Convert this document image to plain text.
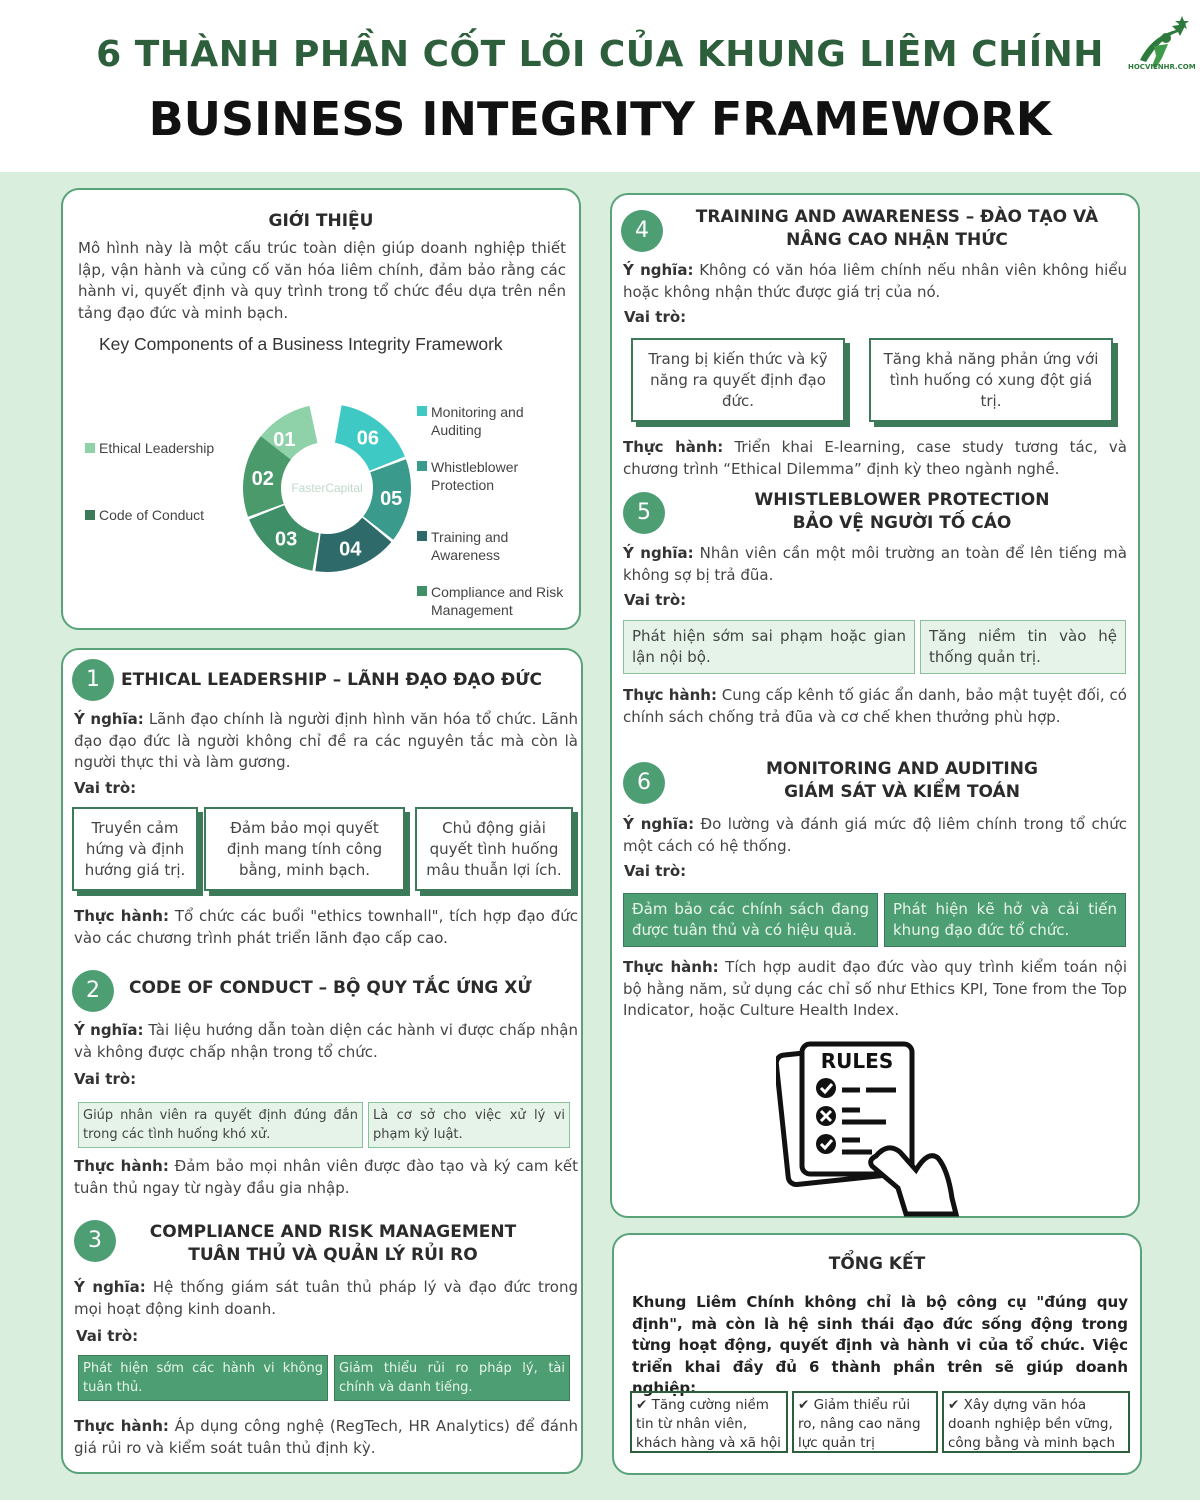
6 THÀNH PHẦN CỐT LÕI CỦA KHUNG LIÊM CHÍNH
BUSINESS INTEGRITY FRAMEWORK
HOCVIENHR.COM
GIỚI THIỆU
Mô hình này là một cấu trúc toàn diện giúp doanh nghiệp thiết lập, vận hành và củng cố văn hóa liêm chính, đảm bảo rằng các hành vi, quyết định và quy trình trong tổ chức đều dựa trên nền tảng đạo đức và minh bạch.
Key Components of a Business Integrity Framework
01
02
03 04
05
06
FasterCapital
Ethical Leadership
Code of Conduct
Monitoring and Auditing
Whistleblower Protection
Training and Awareness
Compliance and Risk Management
1	ETHICAL LEADERSHIP – LÃNH ĐẠO ĐẠO ĐỨC
Ý nghĩa: Lãnh đạo chính là người định hình văn hóa tổ chức. Lãnh đạo đạo đức là người không chỉ đề ra các nguyên tắc mà còn là người thực thi và làm gương.
Vai trò:
Truyền cảm hứng và định hướng giá trị.
Đảm bảo mọi quyết định mang tính công bằng, minh bạch.
Chủ động giải quyết tình huống mâu thuẫn lợi ích.
Thực hành: Tổ chức các buổi "ethics townhall", tích hợp đạo đức vào các chương trình phát triển lãnh đạo cấp cao.
2	CODE OF CONDUCT – BỘ QUY TẮC ỨNG XỬ
Ý nghĩa: Tài liệu hướng dẫn toàn diện các hành vi được chấp nhận và không được chấp nhận trong tổ chức.
Vai trò:
Giúp nhân viên ra quyết định đúng đắn trong các tình huống khó xử.
Là cơ sở cho việc xử lý vi phạm kỷ luật.
Thực hành: Đảm bảo mọi nhân viên được đào tạo và ký cam kết tuân thủ ngay từ ngày đầu gia nhập.
3	COMPLIANCE AND RISK MANAGEMENT
TUÂN THỦ VÀ QUẢN LÝ RỦI RO
Ý nghĩa: Hệ thống giám sát tuân thủ pháp lý và đạo đức trong mọi hoạt động kinh doanh.
Vai trò:
Phát hiện sớm các hành vi không tuân thủ.
Giảm thiểu rủi ro pháp lý, tài chính và danh tiếng.
Thực hành: Áp dụng công nghệ (RegTech, HR Analytics) để đánh giá rủi ro và kiểm soát tuân thủ định kỳ.
4
TRAINING AND AWARENESS – ĐÀO TẠO VÀ
NÂNG CAO NHẬN THỨC
Ý nghĩa: Không có văn hóa liêm chính nếu nhân viên không hiểu hoặc không nhận thức được giá trị của nó.
Vai trò:
Trang bị kiến thức và kỹ năng ra quyết định đạo đức.
Tăng khả năng phản ứng với tình huống có xung đột giá trị.
Thực hành: Triển khai E-learning, case study tương tác, và chương trình “Ethical Dilemma” định kỳ theo ngành nghề.
5	WHISTLEBLOWER PROTECTION
BẢO VỆ NGƯỜI TỐ CÁO
Ý nghĩa: Nhân viên cần một môi trường an toàn để lên tiếng mà không sợ bị trả đũa.
Vai trò:
Phát hiện sớm sai phạm hoặc gian lận nội bộ.
Tăng niềm tin vào hệ thống quản trị.
Thực hành: Cung cấp kênh tố giác ẩn danh, bảo mật tuyệt đối, có chính sách chống trả đũa và cơ chế khen thưởng phù hợp.
6
MONITORING AND AUDITING
GIÁM SÁT VÀ KIỂM TOÁN
Ý nghĩa: Đo lường và đánh giá mức độ liêm chính trong tổ chức một cách có hệ thống.
Vai trò:
Đảm bảo các chính sách đang được tuân thủ và có hiệu quả.
Phát hiện kẽ hở và cải tiến khung đạo đức tổ chức.
Thực hành: Tích hợp audit đạo đức vào quy trình kiểm toán nội bộ hằng năm, sử dụng các chỉ số như Ethics KPI, Tone from the Top Indicator, hoặc Culture Health Index.
RULES
TỔNG KẾT
Khung Liêm Chính không chỉ là bộ công cụ "đúng quy định", mà còn là hệ sinh thái đạo đức sống động trong từng hoạt động, quyết định và hành vi của tổ chức. Việc triển khai đầy đủ 6 thành phần trên sẽ giúp doanh nghiệp:
✔ Tăng cường niềm tin từ nhân viên, khách hàng và xã hội
✔ Giảm thiểu rủi ro, nâng cao năng lực quản trị
✔ Xây dựng văn hóa doanh nghiệp bền vững, công bằng và minh bạch
